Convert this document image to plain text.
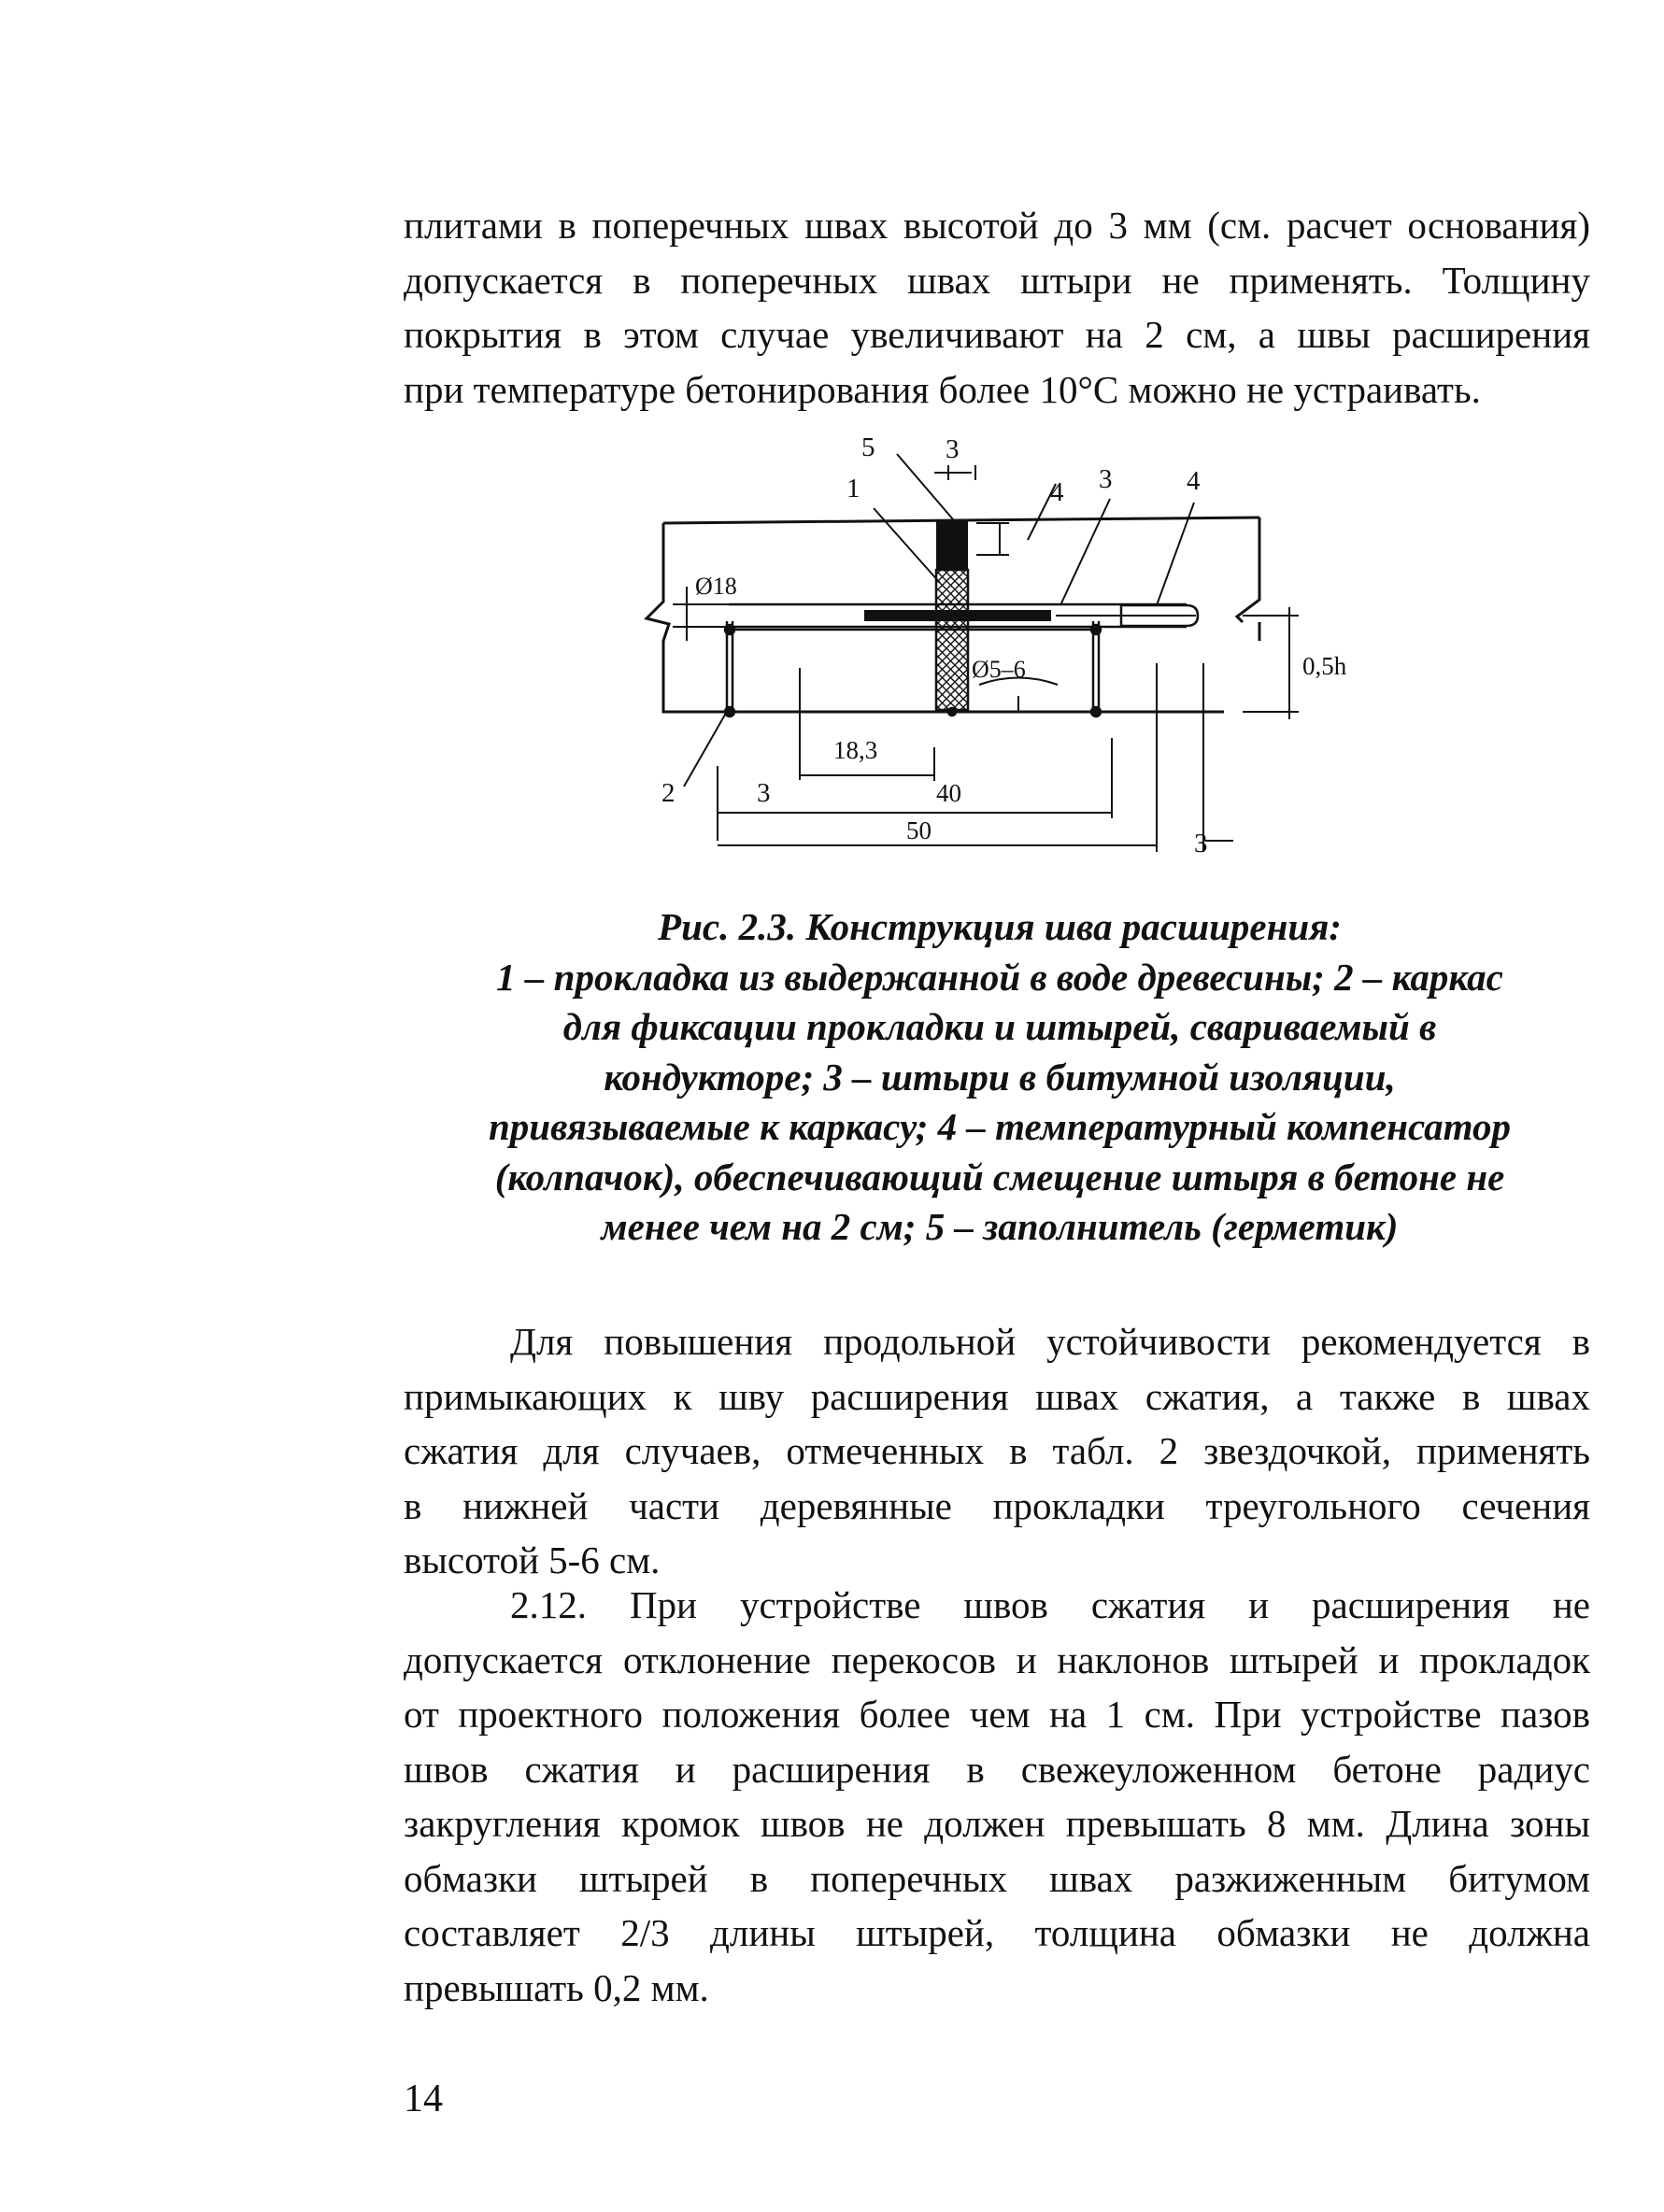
плитами в поперечных швах высотой до 3 мм (см. расчет основания)
допускается в поперечных швах штыри не применять. Толщину
покрытия в этом случае увеличивают на 2 см, а швы расширения
при температуре бетонирования более 10°С можно не устраивать.
5	3
1	4 3	4
Ø18
Ø5–6	0,5h
18,3
40
50
2	3
3
Рис. 2.3. Конструкция шва расширения:
1 – прокладка из выдержанной в воде древесины; 2 – каркас
для фиксации прокладки и штырей, свариваемый в
кондукторе; 3 – штыри в битумной изоляции,
привязываемые к каркасу; 4 – температурный компенсатор
(колпачок), обеспечивающий смещение штыря в бетоне не
менее чем на 2 см; 5 – заполнитель (герметик)
Для повышения продольной устойчивости рекомендуется в
примыкающих к шву расширения швах сжатия, а также в швах
сжатия для случаев, отмеченных в табл. 2 звездочкой, применять
в нижней части деревянные прокладки треугольного сечения
высотой 5-6 см.
2.12. При устройстве швов сжатия и расширения не
допускается отклонение перекосов и наклонов штырей и прокладок
от проектного положения более чем на 1 см. При устройстве пазов
швов сжатия и расширения в свежеуложенном бетоне радиус
закругления кромок швов не должен превышать 8 мм. Длина зоны
обмазки штырей в поперечных швах разжиженным битумом
составляет 2/3 длины штырей, толщина обмазки не должна
превышать 0,2 мм.
14
